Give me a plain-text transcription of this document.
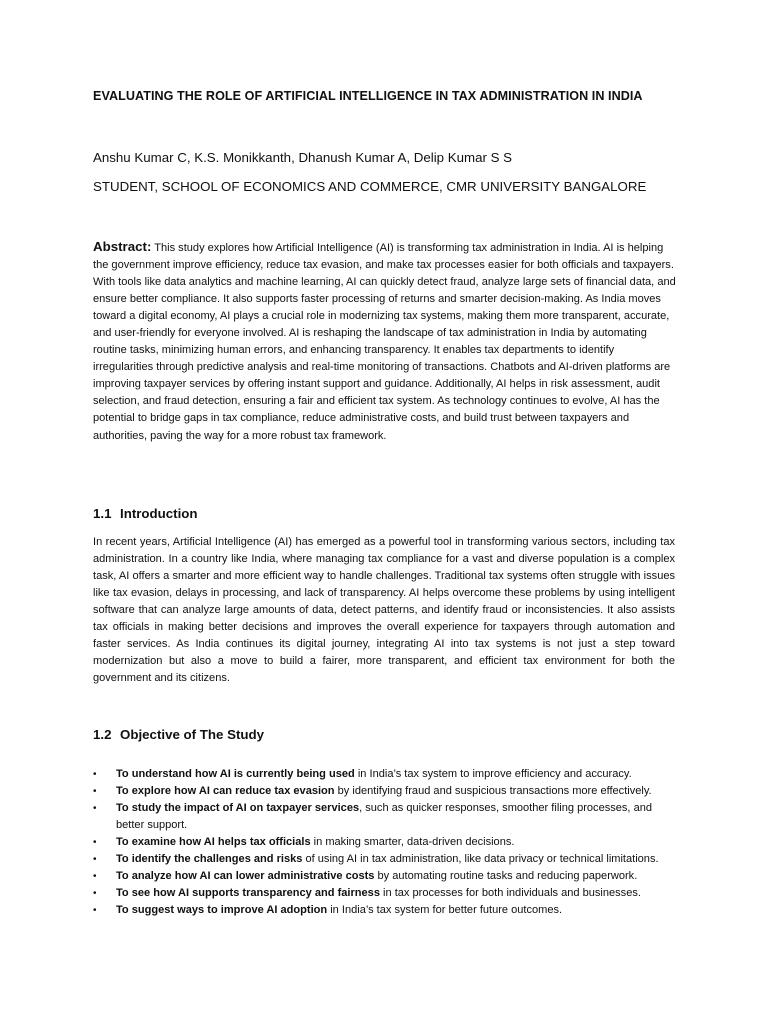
EVALUATING THE ROLE OF ARTIFICIAL INTELLIGENCE IN TAX ADMINISTRATION IN INDIA
Anshu Kumar C, K.S. Monikkanth, Dhanush Kumar A, Delip Kumar S S
STUDENT, SCHOOL OF ECONOMICS AND COMMERCE, CMR UNIVERSITY BANGALORE

Abstract: This study explores how Artificial Intelligence (AI) is transforming tax administration in India. AI is helping the government improve efficiency, reduce tax evasion, and make tax processes easier for both officials and taxpayers. With tools like data analytics and machine learning, AI can quickly detect fraud, analyze large sets of financial data, and ensure better compliance. It also supports faster processing of returns and smarter decision-making. As India moves toward a digital economy, AI plays a crucial role in modernizing tax systems, making them more transparent, accurate, and user-friendly for everyone involved. AI is reshaping the landscape of tax administration in India by automating routine tasks, minimizing human errors, and enhancing transparency. It enables tax departments to identify irregularities through predictive analysis and real-time monitoring of transactions. Chatbots and AI-driven platforms are improving taxpayer services by offering instant support and guidance. Additionally, AI helps in risk assessment, audit selection, and fraud detection, ensuring a fair and efficient tax system. As technology continues to evolve, AI has the potential to bridge gaps in tax compliance, reduce administrative costs, and build trust between taxpayers and authorities, paving the way for a more robust tax framework.

1.1 Introduction

In recent years, Artificial Intelligence (AI) has emerged as a powerful tool in transforming various sectors, including tax administration. In a country like India, where managing tax compliance for a vast and diverse population is a complex task, AI offers a smarter and more efficient way to handle challenges. Traditional tax systems often struggle with issues like tax evasion, delays in processing, and lack of transparency. AI helps overcome these problems by using intelligent software that can analyze large amounts of data, detect patterns, and identify fraud or inconsistencies. It also assists tax officials in making better decisions and improves the overall experience for taxpayers through automation and faster services. As India continues its digital journey, integrating AI into tax systems is not just a step toward modernization but also a move to build a fairer, more transparent, and efficient tax environment for both the government and its citizens.

1.2 Objective of The Study
• To understand how AI is currently being used in India’s tax system to improve efficiency and accuracy.
• To explore how AI can reduce tax evasion by identifying fraud and suspicious transactions more effectively.
• To study the impact of AI on taxpayer services, such as quicker responses, smoother filing processes, and better support.
• To examine how AI helps tax officials in making smarter, data-driven decisions.
• To identify the challenges and risks of using AI in tax administration, like data privacy or technical limitations.
• To analyze how AI can lower administrative costs by automating routine tasks and reducing paperwork.
• To see how AI supports transparency and fairness in tax processes for both individuals and businesses.
• To suggest ways to improve AI adoption in India’s tax system for better future outcomes.
